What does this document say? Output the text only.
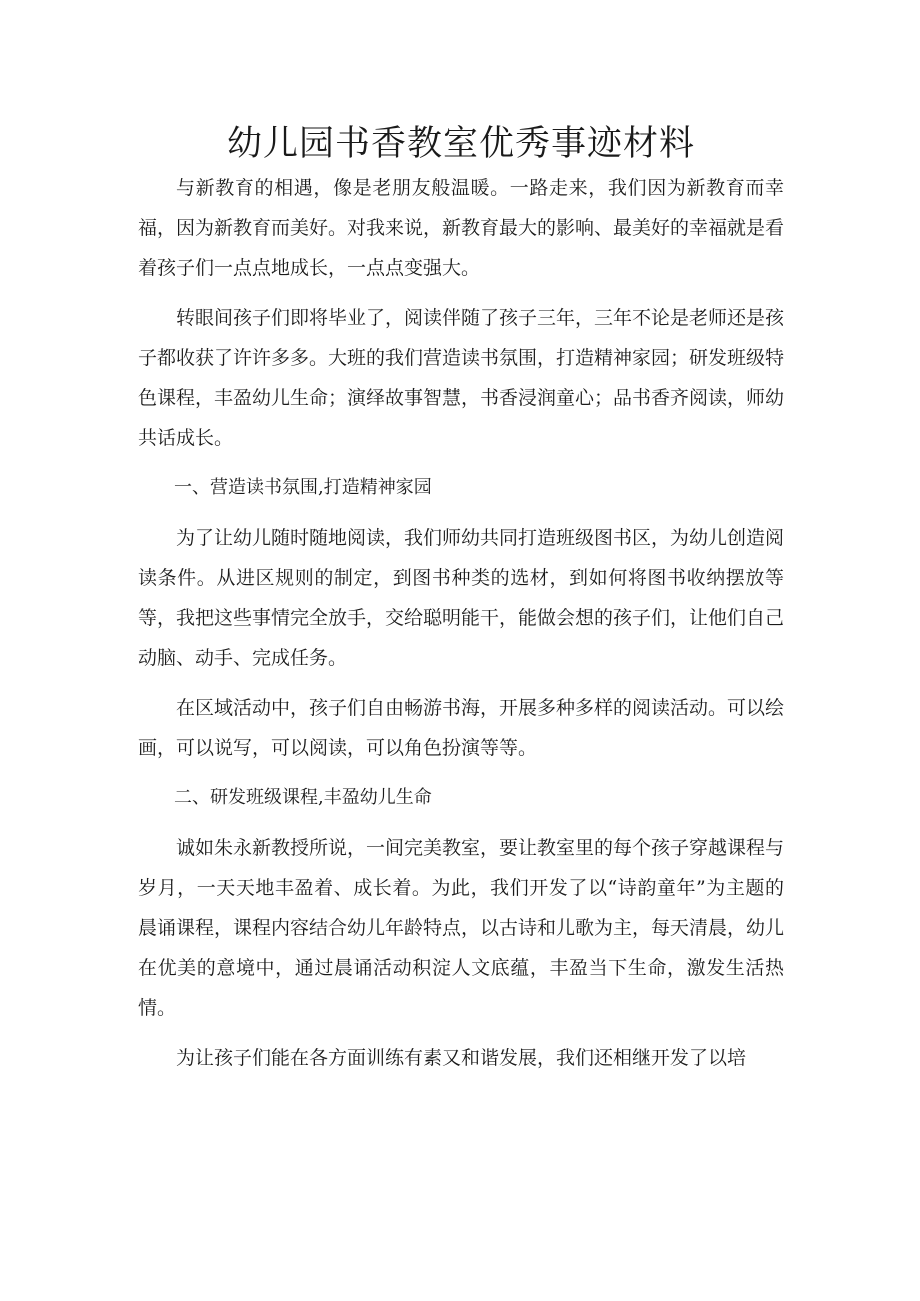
幼儿园书香教室优秀事迹材料

与新教育的相遇，像是老朋友般温暖。一路走来，我们因为新教育而幸福，因为新教育而美好。对我来说，新教育最大的影响、最美好的幸福就是看着孩子们一点点地成长，一点点变强大。

转眼间孩子们即将毕业了，阅读伴随了孩子三年，三年不论是老师还是孩子都收获了许许多多。大班的我们营造读书氛围，打造精神家园；研发班级特色课程，丰盈幼儿生命；演绎故事智慧，书香浸润童心；品书香齐阅读，师幼共话成长。

一、营造读书氛围,打造精神家园

为了让幼儿随时随地阅读，我们师幼共同打造班级图书区，为幼儿创造阅读条件。从进区规则的制定，到图书种类的选材，到如何将图书收纳摆放等等，我把这些事情完全放手，交给聪明能干，能做会想的孩子们，让他们自己动脑、动手、完成任务。

在区域活动中，孩子们自由畅游书海，开展多种多样的阅读活动。可以绘画，可以说写，可以阅读，可以角色扮演等等。

二、研发班级课程,丰盈幼儿生命

诚如朱永新教授所说，一间完美教室，要让教室里的每个孩子穿越课程与岁月，一天天地丰盈着、成长着。为此，我们开发了以“诗韵童年”为主题的晨诵课程，课程内容结合幼儿年龄特点，以古诗和儿歌为主，每天清晨，幼儿在优美的意境中，通过晨诵活动积淀人文底蕴，丰盈当下生命，激发生活热情。

为让孩子们能在各方面训练有素又和谐发展，我们还相继开发了以培
